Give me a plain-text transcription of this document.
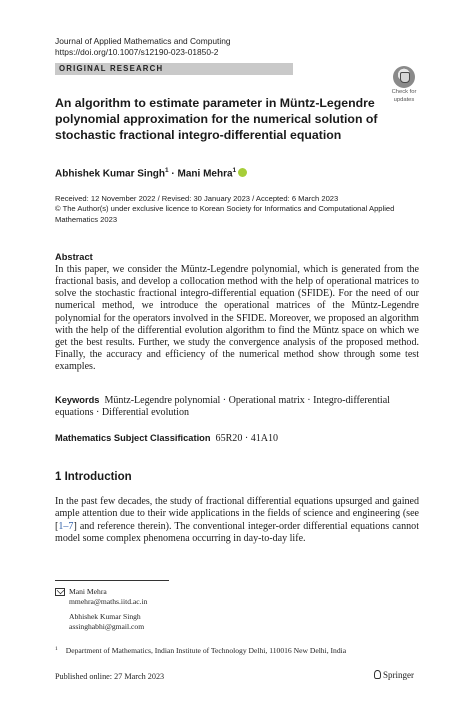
Journal of Applied Mathematics and Computing
https://doi.org/10.1007/s12190-023-01850-2
ORIGINAL RESEARCH
Check for
updates
An algorithm to estimate parameter in Müntz-Legendre polynomial approximation for the numerical solution of stochastic fractional integro-differential equation
Abhishek Kumar Singh$^1$ · Mani Mehra$^1$
Received: 12 November 2022 / Revised: 30 January 2023 / Accepted: 6 March 2023
© The Author(s) under exclusive licence to Korean Society for Informatics and Computational Applied Mathematics 2023
Abstract
In this paper, we consider the Müntz-Legendre polynomial, which is generated from the fractional basis, and develop a collocation method with the help of operational matrices to solve the stochastic fractional integro-differential equation (SFIDE). For the need of our numerical method, we introduce the operational matrices of the Müntz-Legendre polynomial for the operators involved in the SFIDE. Moreover, we proposed an algorithm with the help of the differential evolution algorithm to find the Müntz space on which we get the best results. Further, we study the convergence analysis of the proposed method. Finally, the accuracy and efficiency of the numerical method show through some test examples.
Keywords Müntz-Legendre polynomial · Operational matrix · Integro-differential equations · Differential evolution
Mathematics Subject Classification 65R20 · 41A10
1 Introduction
In the past few decades, the study of fractional differential equations upsurged and gained ample attention due to their wide applications in the fields of science and engineering (see [1–7] and reference therein). The conventional integer-order differential equations cannot model some complex phenomena occurring in day-to-day life.
Mani Mehra
mmehra@maths.iitd.ac.in
Abhishek Kumar Singh
assinghabhi@gmail.com
$^1$ Department of Mathematics, Indian Institute of Technology Delhi, 110016 New Delhi, India
Published online: 27 March 2023	Springer
